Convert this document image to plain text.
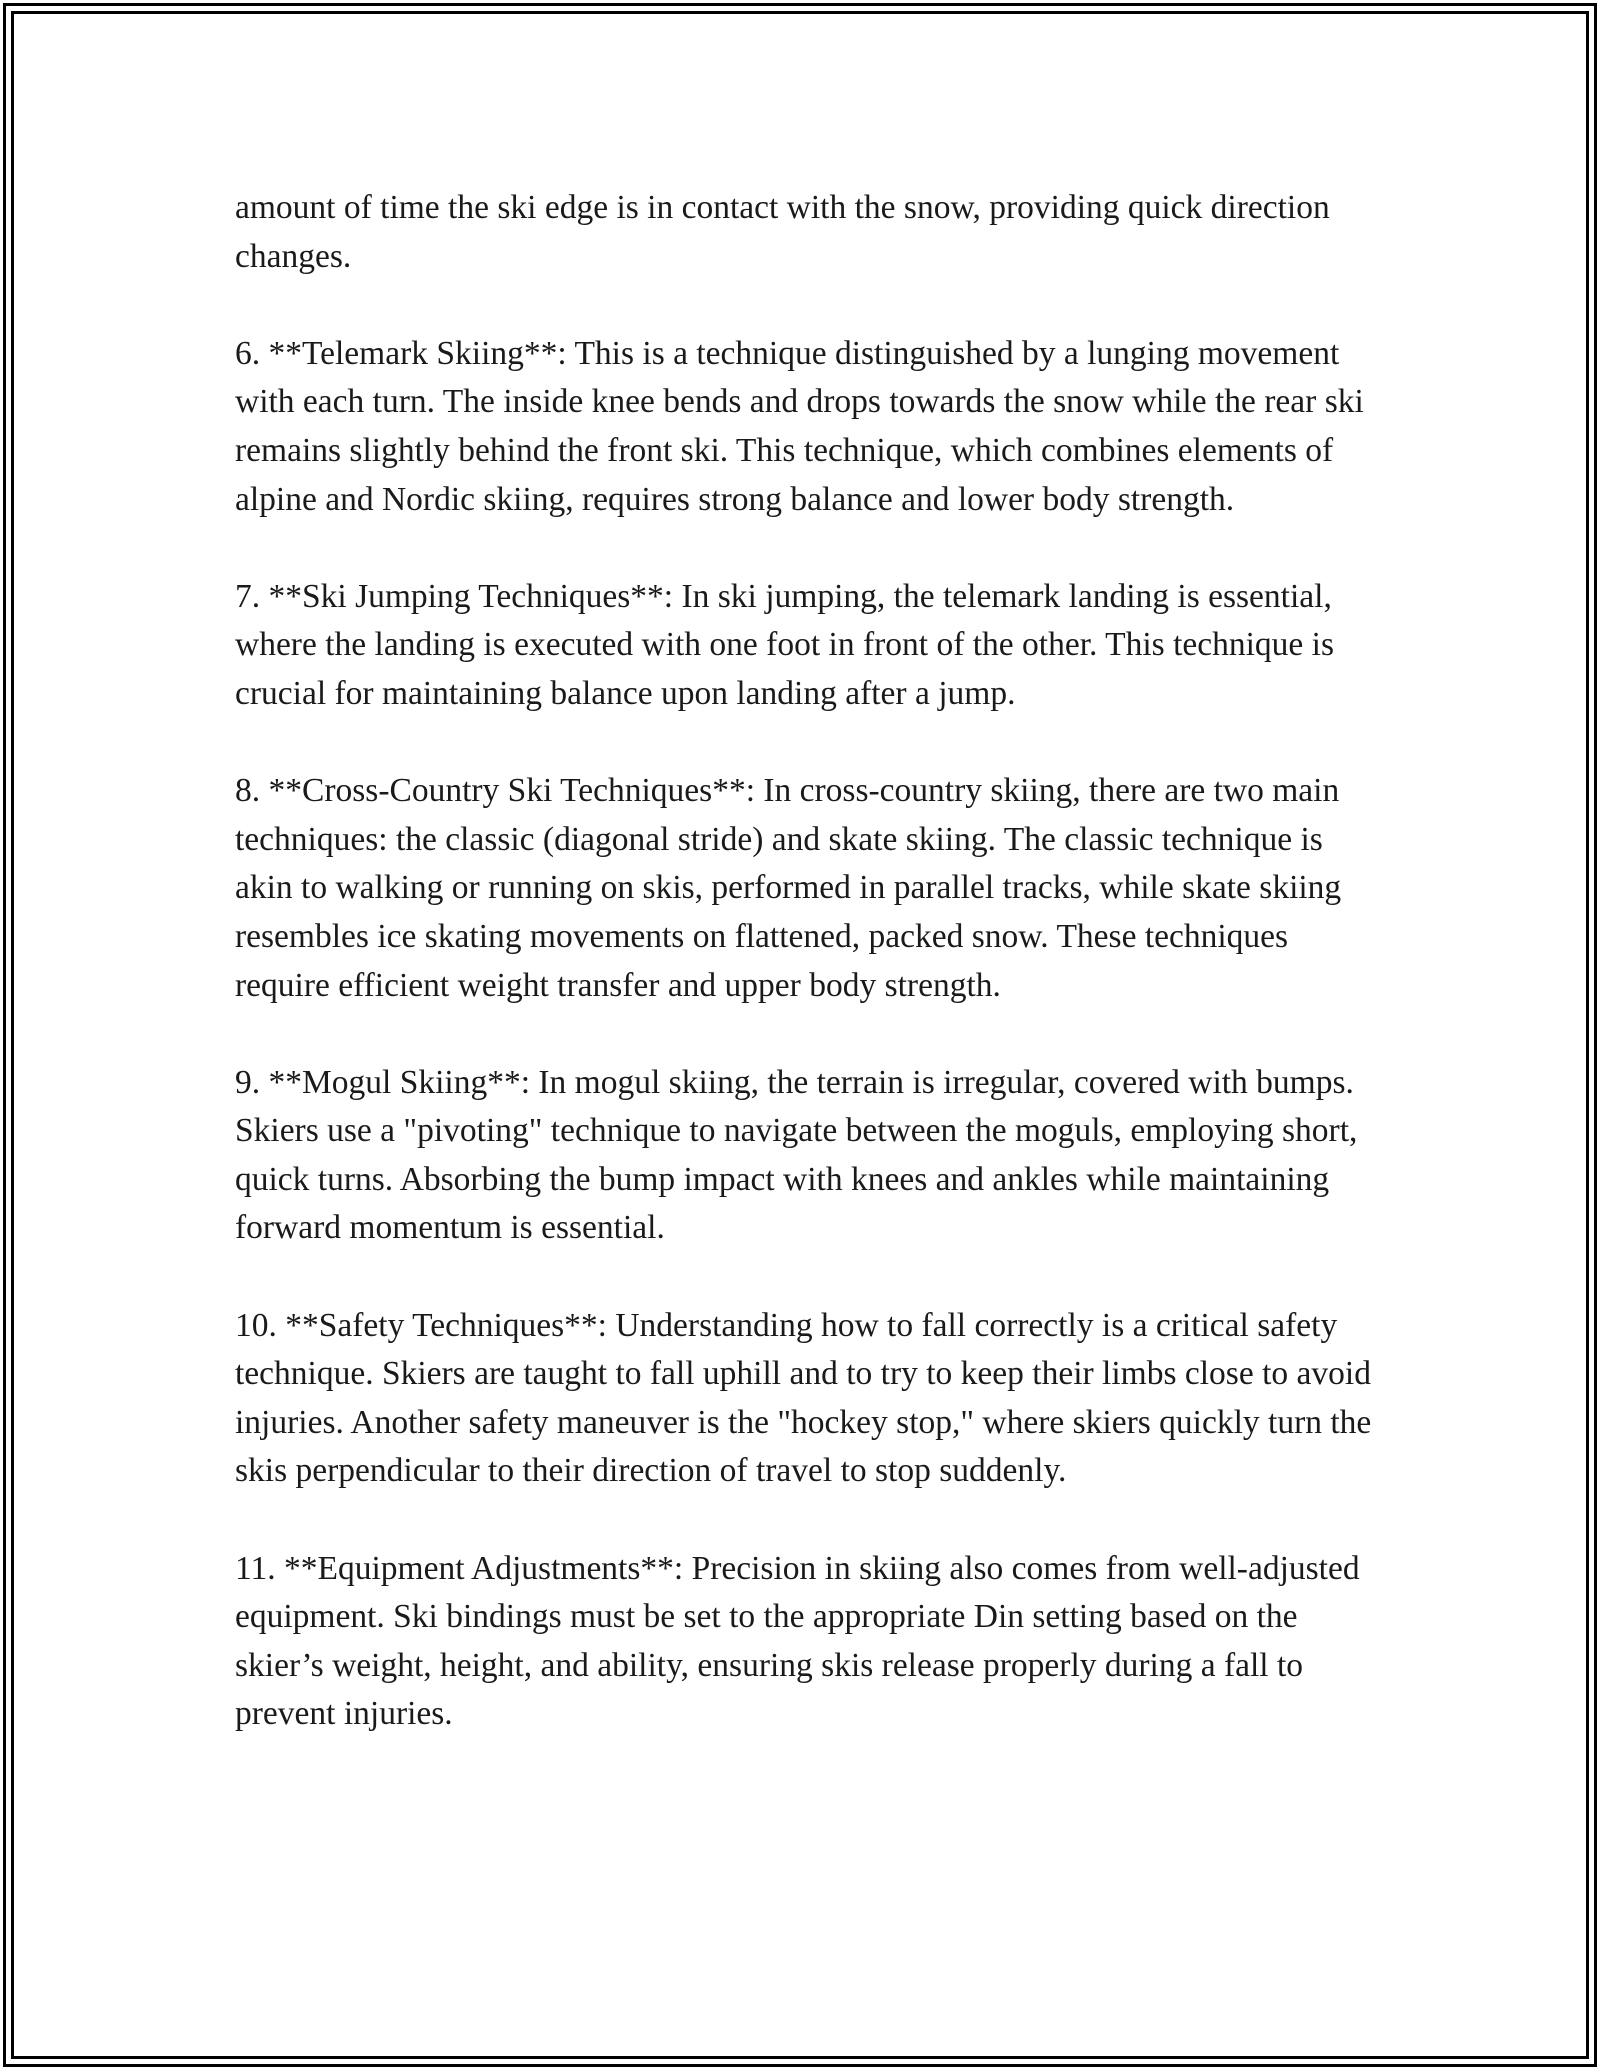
amount of time the ski edge is in contact with the snow, providing quick direction changes.

6. **Telemark Skiing**: This is a technique distinguished by a lunging movement with each turn. The inside knee bends and drops towards the snow while the rear ski remains slightly behind the front ski. This technique, which combines elements of alpine and Nordic skiing, requires strong balance and lower body strength.

7. **Ski Jumping Techniques**: In ski jumping, the telemark landing is essential, where the landing is executed with one foot in front of the other. This technique is crucial for maintaining balance upon landing after a jump.

8. **Cross-Country Ski Techniques**: In cross-country skiing, there are two main techniques: the classic (diagonal stride) and skate skiing. The classic technique is akin to walking or running on skis, performed in parallel tracks, while skate skiing resembles ice skating movements on flattened, packed snow. These techniques require efficient weight transfer and upper body strength.

9. **Mogul Skiing**: In mogul skiing, the terrain is irregular, covered with bumps. Skiers use a "pivoting" technique to navigate between the moguls, employing short, quick turns. Absorbing the bump impact with knees and ankles while maintaining forward momentum is essential.

10. **Safety Techniques**: Understanding how to fall correctly is a critical safety technique. Skiers are taught to fall uphill and to try to keep their limbs close to avoid injuries. Another safety maneuver is the "hockey stop," where skiers quickly turn the skis perpendicular to their direction of travel to stop suddenly.

11. **Equipment Adjustments**: Precision in skiing also comes from well-adjusted equipment. Ski bindings must be set to the appropriate Din setting based on the skier’s weight, height, and ability, ensuring skis release properly during a fall to prevent injuries.
